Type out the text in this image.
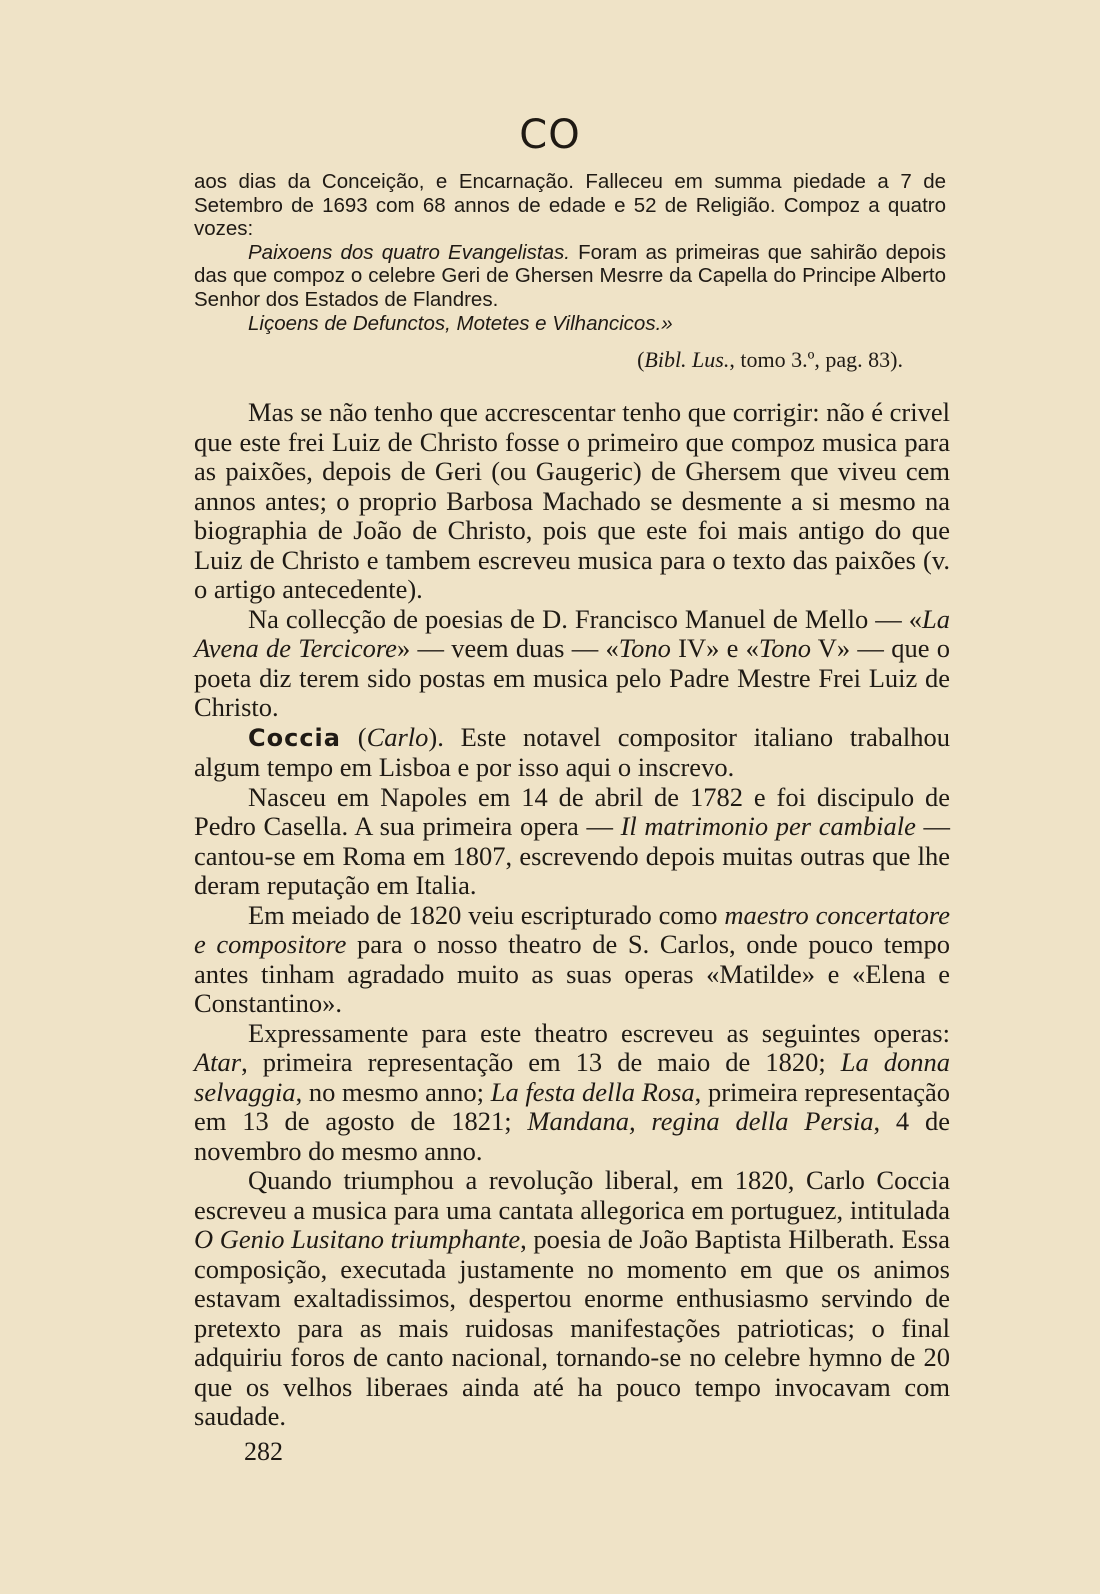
CO

aos dias da Conceição, e Encarnação. Falleceu em summa piedade a 7 de Setembro de 1693 com 68 annos de edade e 52 de Religião. Compoz a quatro vozes:

Paixoens dos quatro Evangelistas. Foram as primeiras que sahirão depois das que compoz o celebre Geri de Ghersen Mesrre da Capella do Principe Alberto Senhor dos Estados de Flandres.

Liçoens de Defunctos, Motetes e Vilhancicos.»

(Bibl. Lus., tomo 3.º, pag. 83).

Mas se não tenho que accrescentar tenho que corrigir: não é crivel que este frei Luiz de Christo fosse o primeiro que compoz musica para as paixões, depois de Geri (ou Gaugeric) de Ghersem que viveu cem annos antes; o proprio Barbosa Machado se desmente a si mesmo na biographia de João de Christo, pois que este foi mais antigo do que Luiz de Christo e tambem escreveu musica para o texto das paixões (v. o artigo antecedente).

Na collecção de poesias de D. Francisco Manuel de Mello — «La Avena de Tercicore» — veem duas — «Tono IV» e «Tono V» — que o poeta diz terem sido postas em musica pelo Padre Mestre Frei Luiz de Christo.

Coccia (Carlo). Este notavel compositor italiano trabalhou algum tempo em Lisboa e por isso aqui o inscrevo.

Nasceu em Napoles em 14 de abril de 1782 e foi discipulo de Pedro Casella. A sua primeira opera — Il matrimonio per cambiale — cantou-se em Roma em 1807, escrevendo depois muitas outras que lhe deram reputação em Italia.

Em meiado de 1820 veiu escripturado como maestro concertatore e compositore para o nosso theatro de S. Carlos, onde pouco tempo antes tinham agradado muito as suas operas «Matilde» e «Elena e Constantino».

Expressamente para este theatro escreveu as seguintes operas: Atar, primeira representação em 13 de maio de 1820; La donna selvaggia, no mesmo anno; La festa della Rosa, primeira representação em 13 de agosto de 1821; Mandana, regina della Persia, 4 de novembro do mesmo anno.

Quando triumphou a revolução liberal, em 1820, Carlo Coccia escreveu a musica para uma cantata allegorica em portuguez, intitulada O Genio Lusitano triumphante, poesia de João Baptista Hilberath. Essa composição, executada justamente no momento em que os animos estavam exaltadissimos, despertou enorme enthusiasmo servindo de pretexto para as mais ruidosas manifestações patrioticas; o final adquiriu foros de canto nacional, tornando-se no celebre hymno de 20 que os velhos liberaes ainda até ha pouco tempo invocavam com saudade.

282
